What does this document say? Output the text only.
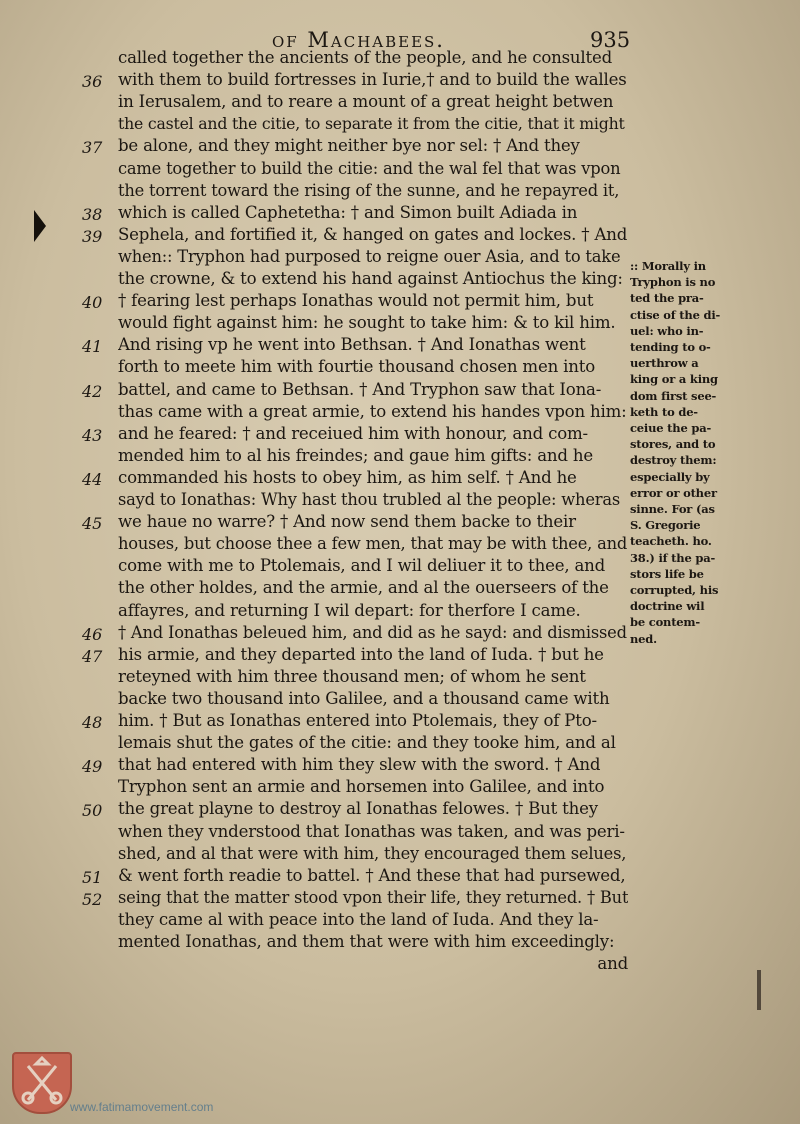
of Machabees.	935
called together the ancients of the people, and he consulted
36 with them to build fortresses in Iurie,† and to build the walles
in Ierusalem, and to reare a mount of a great height betwen
the castel and the citie, to separate it from the citie, that it might
37 be alone, and they might neither bye nor sel: † And they
came together to build the citie: and the wal fel that was vpon
the torrent toward the rising of the sunne, and he repayred it,
38 which is called Caphetetha: † and Simon built Adiada in
39 Sephela, and fortified it, & hanged on gates and lockes. † And
when:: Tryphon had purposed to reigne ouer Asia, and to take
the crowne, & to extend his hand against Antiochus the king:
40 † fearing lest perhaps Ionathas would not permit him, but
would fight against him: he sought to take him: & to kil him.
41 And rising vp he went into Bethsan. † And Ionathas went
forth to meete him with fourtie thousand chosen men into
42 battel, and came to Bethsan. † And Tryphon saw that Iona-
thas came with a great armie, to extend his handes vpon him:
43 and he feared: † and receiued him with honour, and com-
mended him to al his freindes; and gaue him gifts: and he
44 commanded his hosts to obey him, as him self. † And he
sayd to Ionathas: Why hast thou trubled al the people: wheras
45 we haue no warre? † And now send them backe to their
houses, but choose thee a few men, that may be with thee, and
come with me to Ptolemais, and I wil deliuer it to thee, and
the other holdes, and the armie, and al the ouerseers of the
affayres, and returning I wil depart: for therfore I came.
46 † And Ionathas beleued him, and did as he sayd: and dismissed
47 his armie, and they departed into the land of Iuda. † but he
reteyned with him three thousand men; of whom he sent
backe two thousand into Galilee, and a thousand came with
48 him. † But as Ionathas entered into Ptolemais, they of Pto-
lemais shut the gates of the citie: and they tooke him, and al
49 that had entered with him they slew with the sword. † And
Tryphon sent an armie and horsemen into Galilee, and into
50 the great playne to destroy al Ionathas felowes. † But they
when they vnderstood that Ionathas was taken, and was peri-
shed, and al that were with him, they encouraged them selues,
51 & went forth readie to battel. † And these that had pursewed,
52 seing that the matter stood vpon their life, they returned. † But
they came al with peace into the land of Iuda. And they la-
mented Ionathas, and them that were with him exceedingly:
and
:: Morally in
Tryphon is no
ted the pra-
ctise of the di-
uel: who in-
tending to o-
uerthrow a
king or a king
dom first see-
keth to de-
ceiue the pa-
stores, and to
destroy them:
especially by
error or other
sinne. For (as
S. Gregorie
teacheth. ho.
38.) if the pa-
stors life be
corrupted, his
doctrine wil
be contem-
ned.
www.fatimamovement.com
